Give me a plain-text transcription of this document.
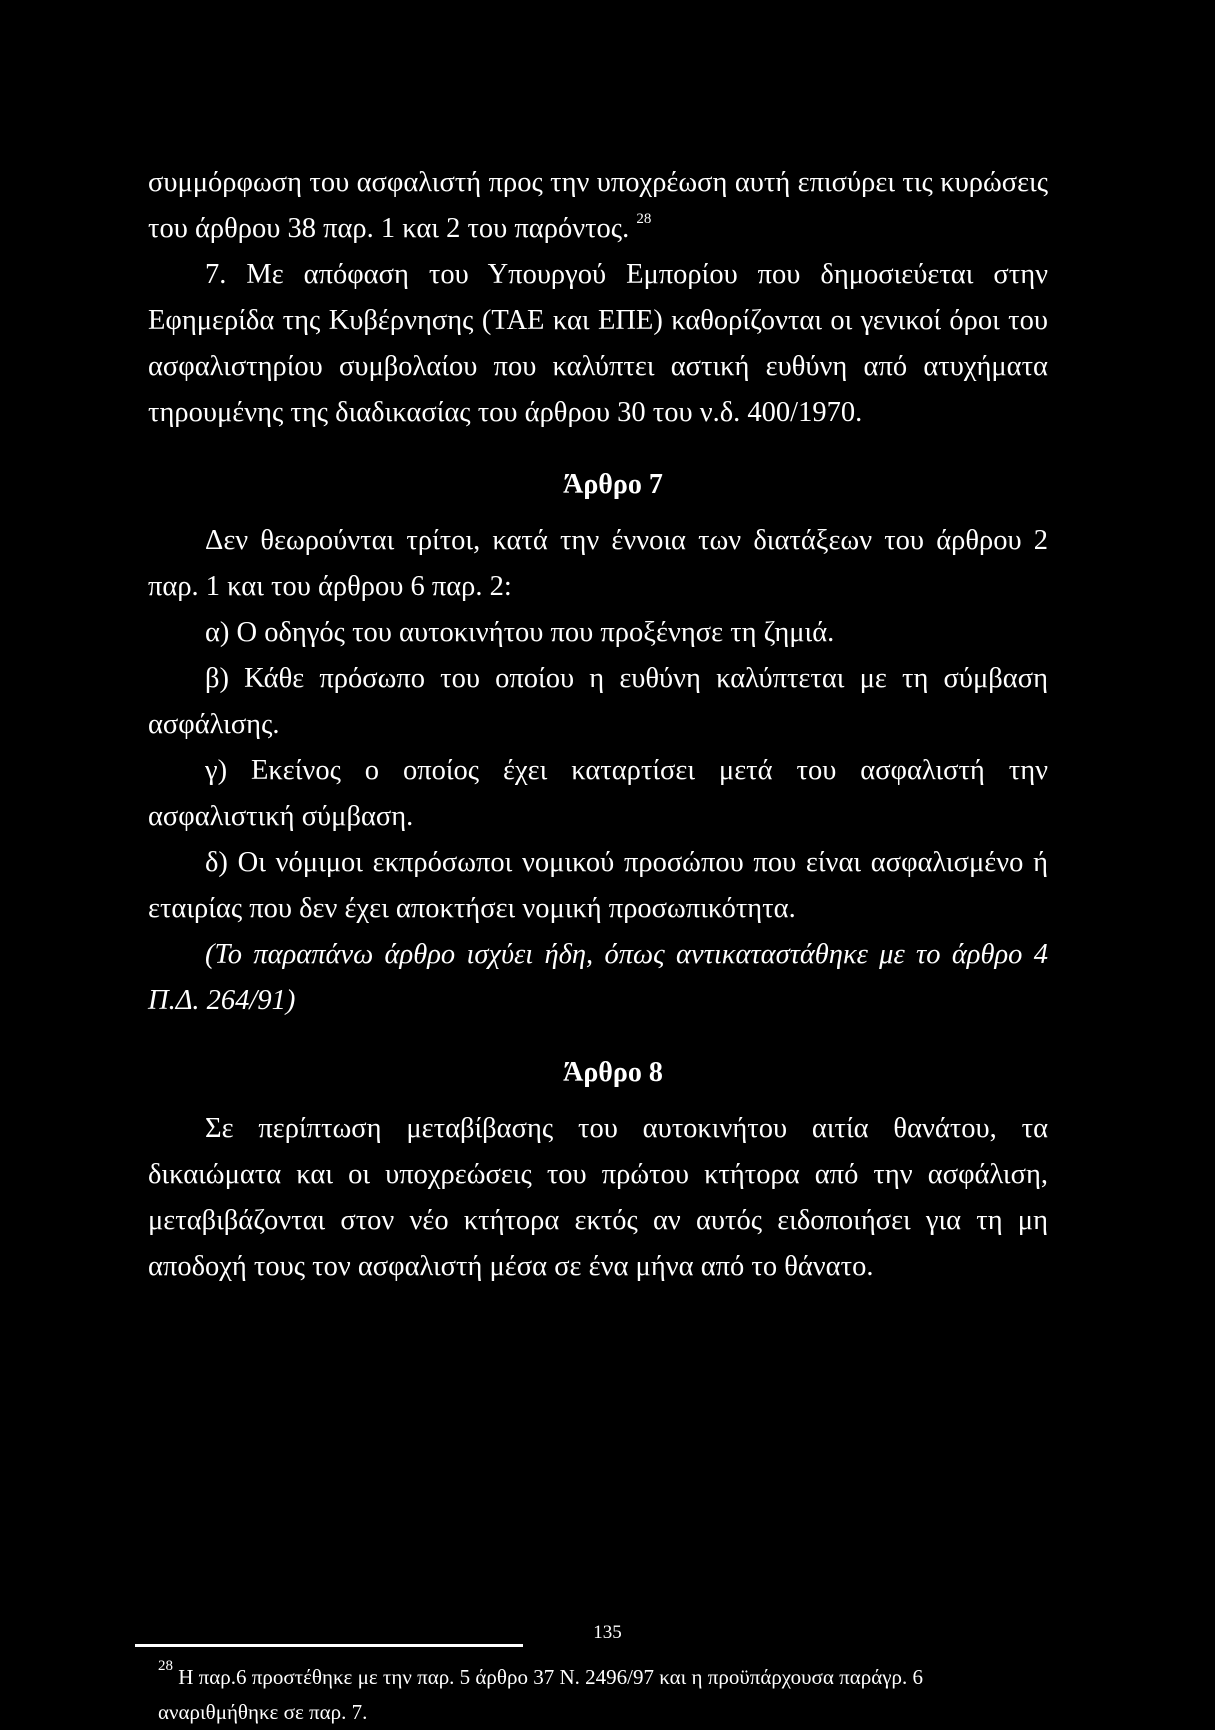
συμμόρφωση του ασφαλιστή προς την υποχρέωση αυτή επισύρει τις κυρώσεις του άρθρου 38 παρ. 1 και 2 του παρόντος. $^{28}$

7. Με απόφαση του Υπουργού Εμπορίου που δημοσιεύεται στην Εφημερίδα της Κυβέρνησης (ΤΑΕ και ΕΠΕ) καθορίζονται οι γενικοί όροι του ασφαλιστηρίου συμβολαίου που καλύπτει αστική ευθύνη από ατυχήματα τηρουμένης της διαδικασίας του άρθρου 30 του ν.δ. 400/1970.

Άρθρο 7

Δεν θεωρούνται τρίτοι, κατά την έννοια των διατάξεων του άρθρου 2 παρ. 1 και του άρθρου 6 παρ. 2:

α) Ο οδηγός του αυτοκινήτου που προξένησε τη ζημιά.

β) Κάθε πρόσωπο του οποίου η ευθύνη καλύπτεται με τη σύμβαση ασφάλισης.

γ) Εκείνος ο οποίος έχει καταρτίσει μετά του ασφαλιστή την ασφαλιστική σύμβαση.

δ) Οι νόμιμοι εκπρόσωποι νομικού προσώπου που είναι ασφαλισμένο ή εταιρίας που δεν έχει αποκτήσει νομική προσωπικότητα.

(Το παραπάνω άρθρο ισχύει ήδη, όπως αντικαταστάθηκε με το άρθρο 4 Π.Δ. 264/91)

Άρθρο 8

Σε περίπτωση μεταβίβασης του αυτοκινήτου αιτία θανάτου, τα δικαιώματα και οι υποχρεώσεις του πρώτου κτήτορα από την ασφάλιση, μεταβιβάζονται στον νέο κτήτορα εκτός αν αυτός ειδοποιήσει για τη μη αποδοχή τους τον ασφαλιστή μέσα σε ένα μήνα από το θάνατο.

$^{28}$ Η παρ.6 προστέθηκε με την παρ. 5 άρθρο 37 Ν. 2496/97 και η προϋπάρχουσα παράγρ. 6 αναριθμήθηκε σε παρ. 7.
135
